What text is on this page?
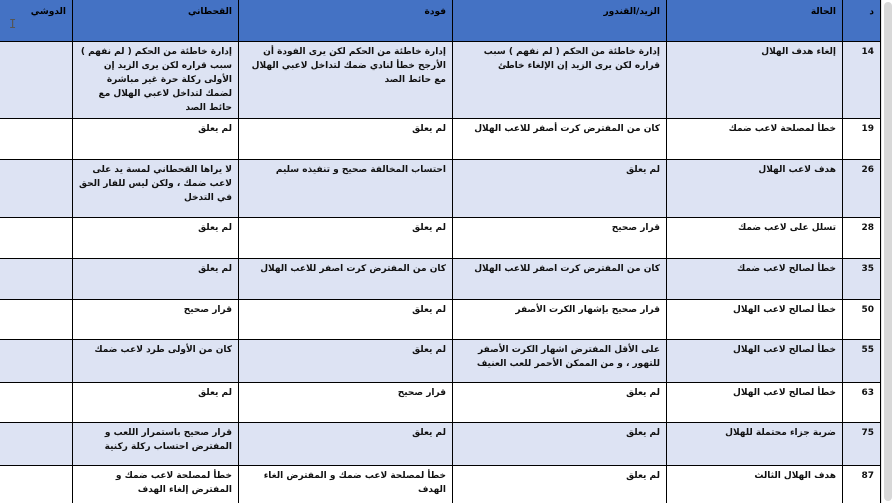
د	الحالة	الزيد/القندور	فودة	القحطاني	الدوشي
14	إلغاء هدف الهلال	إدارة خاطئة من الحكم ( لم نفهم ) سبب قراره لكن يرى الزيد إن الإلغاء خاطئ	إدارة خاطئة من الحكم لكن يرى الفودة أن الأرجح خطأ لنادي ضمك لتداخل لاعبي الهلال مع حائط الصد	إدارة خاطئة من الحكم ( لم نفهم ) سبب قراره لكن يرى الزيد إن الأولى ركلة حرة غير مباشرة لضمك لتداخل لاعبي الهلال مع حائط الصد	
19	خطأ لمصلحة لاعب ضمك	كان من المفترض كرت أصفر للاعب الهلال	لم يعلق	لم يعلق	
26	هدف لاعب الهلال	لم يعلق	احتساب المخالفة صحيح و تنفيذه سليم	لا يراها القحطاني لمسة يد على لاعب ضمك ، ولكن ليس للفار الحق في التدخل	
28	تسلل على لاعب ضمك	قرار صحيح	لم يعلق	لم يعلق	
35	خطأ لصالح لاعب ضمك	كان من المفترض كرت اصفر للاعب الهلال	كان من المفترض كرت اصفر للاعب الهلال	لم يعلق	
50	خطأ لصالح لاعب الهلال	قرار صحيح بإشهار الكرت الأصفر	لم يعلق	قرار صحيح	
55	خطأ لصالح لاعب الهلال	على الأقل المفترض اشهار الكرت الأصفر للتهور ، و من الممكن الأحمر للعب العنيف	لم يعلق	كان من الأولى طرد لاعب ضمك	
63	خطأ لصالح لاعب الهلال	لم يعلق	قرار صحيح	لم يعلق	
75	ضربة جزاء محتملة للهلال	لم يعلق	لم يعلق	قرار صحيح باستمرار اللعب و المفترض احتساب ركلة ركنية	
87	هدف الهلال الثالث	لم يعلق	خطأ لمصلحة لاعب ضمك و المفترض الغاء الهدف	خطأ لمصلحة لاعب ضمك و المفترض إلغاء الهدف	
I
